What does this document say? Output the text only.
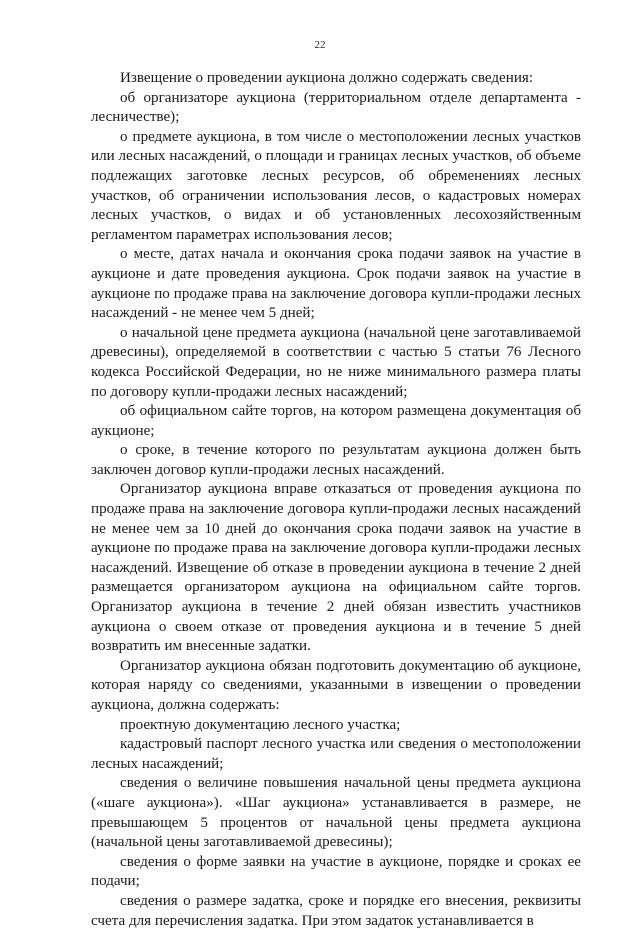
22

Извещение о проведении аукциона должно содержать сведения:

об организаторе аукциона (территориальном отделе департамента - лесничестве);

о предмете аукциона, в том числе о местоположении лесных участков или лесных насаждений, о площади и границах лесных участков, об объеме подлежащих заготовке лесных ресурсов, об обременениях лесных участков, об ограничении использования лесов, о кадастровых номерах лесных участков, о видах и об установленных лесохозяйственным регламентом параметрах использования лесов;

о месте, датах начала и окончания срока подачи заявок на участие в аукционе и дате проведения аукциона. Срок подачи заявок на участие в аукционе по продаже права на заключение договора купли-продажи лесных насаждений - не менее чем 5 дней;

о начальной цене предмета аукциона (начальной цене заготавливаемой древесины), определяемой в соответствии с частью 5 статьи 76 Лесного кодекса Российской Федерации, но не ниже минимального размера платы по договору купли-продажи лесных насаждений;

об официальном сайте торгов, на котором размещена документация об аукционе;

о сроке, в течение которого по результатам аукциона должен быть заключен договор купли-продажи лесных насаждений.

Организатор аукциона вправе отказаться от проведения аукциона по продаже права на заключение договора купли-продажи лесных насаждений не менее чем за 10 дней до окончания срока подачи заявок на участие в аукционе по продаже права на заключение договора купли-продажи лесных насаждений. Извещение об отказе в проведении аукциона в течение 2 дней размещается организатором аукциона на официальном сайте торгов. Организатор аукциона в течение 2 дней обязан известить участников аукциона о своем отказе от проведения аукциона и в течение 5 дней возвратить им внесенные задатки.

Организатор аукциона обязан подготовить документацию об аукционе, которая наряду со сведениями, указанными в извещении о проведении аукциона, должна содержать:

проектную документацию лесного участка;

кадастровый паспорт лесного участка или сведения о местоположении лесных насаждений;

сведения о величине повышения начальной цены предмета аукциона («шаге аукциона»). «Шаг аукциона» устанавливается в размере, не превышающем 5 процентов от начальной цены предмета аукциона (начальной цены заготавливаемой древесины);

сведения о форме заявки на участие в аукционе, порядке и сроках ее подачи;

сведения о размере задатка, сроке и порядке его внесения, реквизиты счета для перечисления задатка. При этом задаток устанавливается в
